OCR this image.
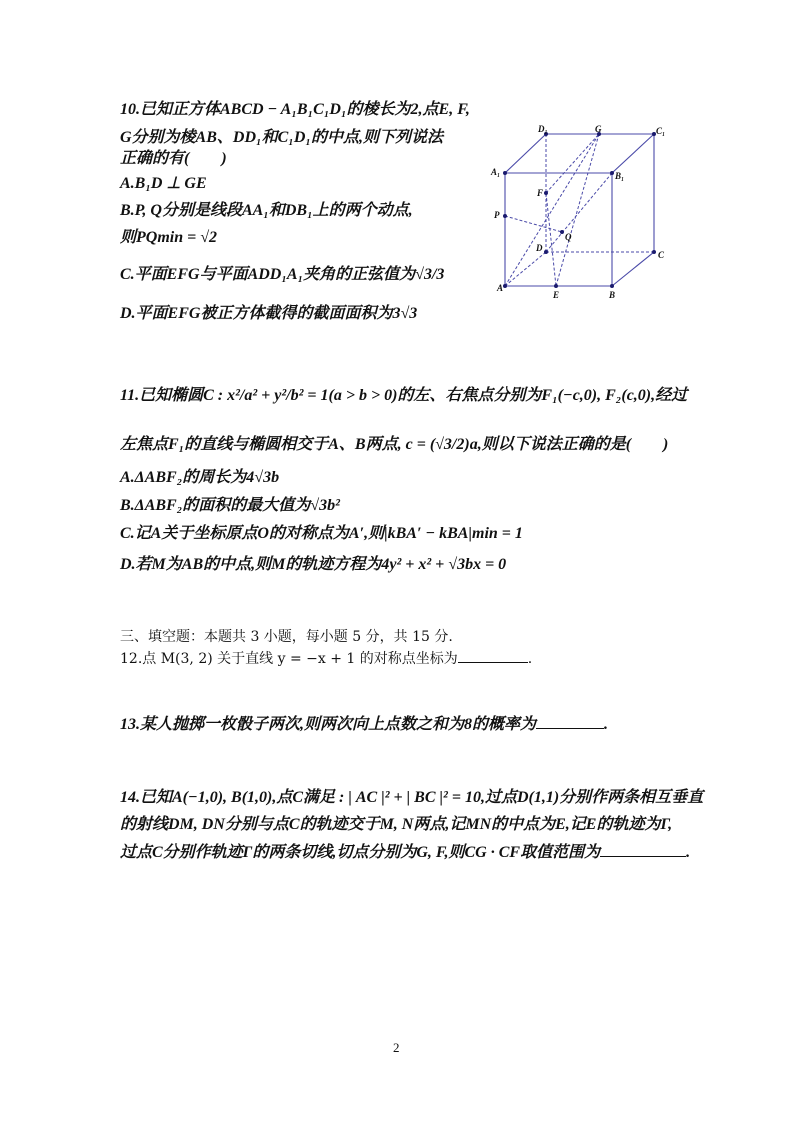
10.已知正方体ABCD − A₁B₁C₁D₁的棱长为2,点E, F,
G分别为棱AB、DD₁和C₁D₁的中点,则下列说法
正确的有(　　)
A.B₁D ⊥ GE
B.P, Q分别是线段AA₁和DB₁上的两个动点,
则PQmin = √2
C.平面EFG与平面ADD₁A₁夹角的正弦值为√3/3
D.平面EFG被正方体截得的截面面积为3√3
D₁	G	C₁
A₁	B₁
F
P
Q
D
C
A
E	B
11.已知椭圆C : x²/a² + y²/b² = 1(a > b > 0)的左、右焦点分别为F₁(−c,0), F₂(c,0),经过
左焦点F₁的直线与椭圆相交于A、B两点, c = (√3/2)a,则以下说法正确的是(　　)
A.ΔABF₂的周长为4√3b
B.ΔABF₂的面积的最大值为√3b²
C.记A关于坐标原点O的对称点为A′,则|kBA′ − kBA|min = 1
D.若M为AB的中点,则M的轨迹方程为4y² + x² + √3bx = 0
三、填空题：本题共 3 小题，每小题 5 分，共 15 分.
12.点 M(3, 2) 关于直线 y = −x + 1 的对称点坐标为	.
13.某人抛掷一枚骰子两次,则两次向上点数之和为8的概率为	.
14.已知A(−1,0), B(1,0),点C满足 : | AC |² + | BC |² = 10,过点D(1,1)分别作两条相互垂直
的射线DM, DN分别与点C的轨迹交于M, N两点,记MN的中点为E,记E的轨迹为Γ,
过点C分别作轨迹Γ的两条切线,切点分别为G, F,则CG · CF取值范围为	.
2
